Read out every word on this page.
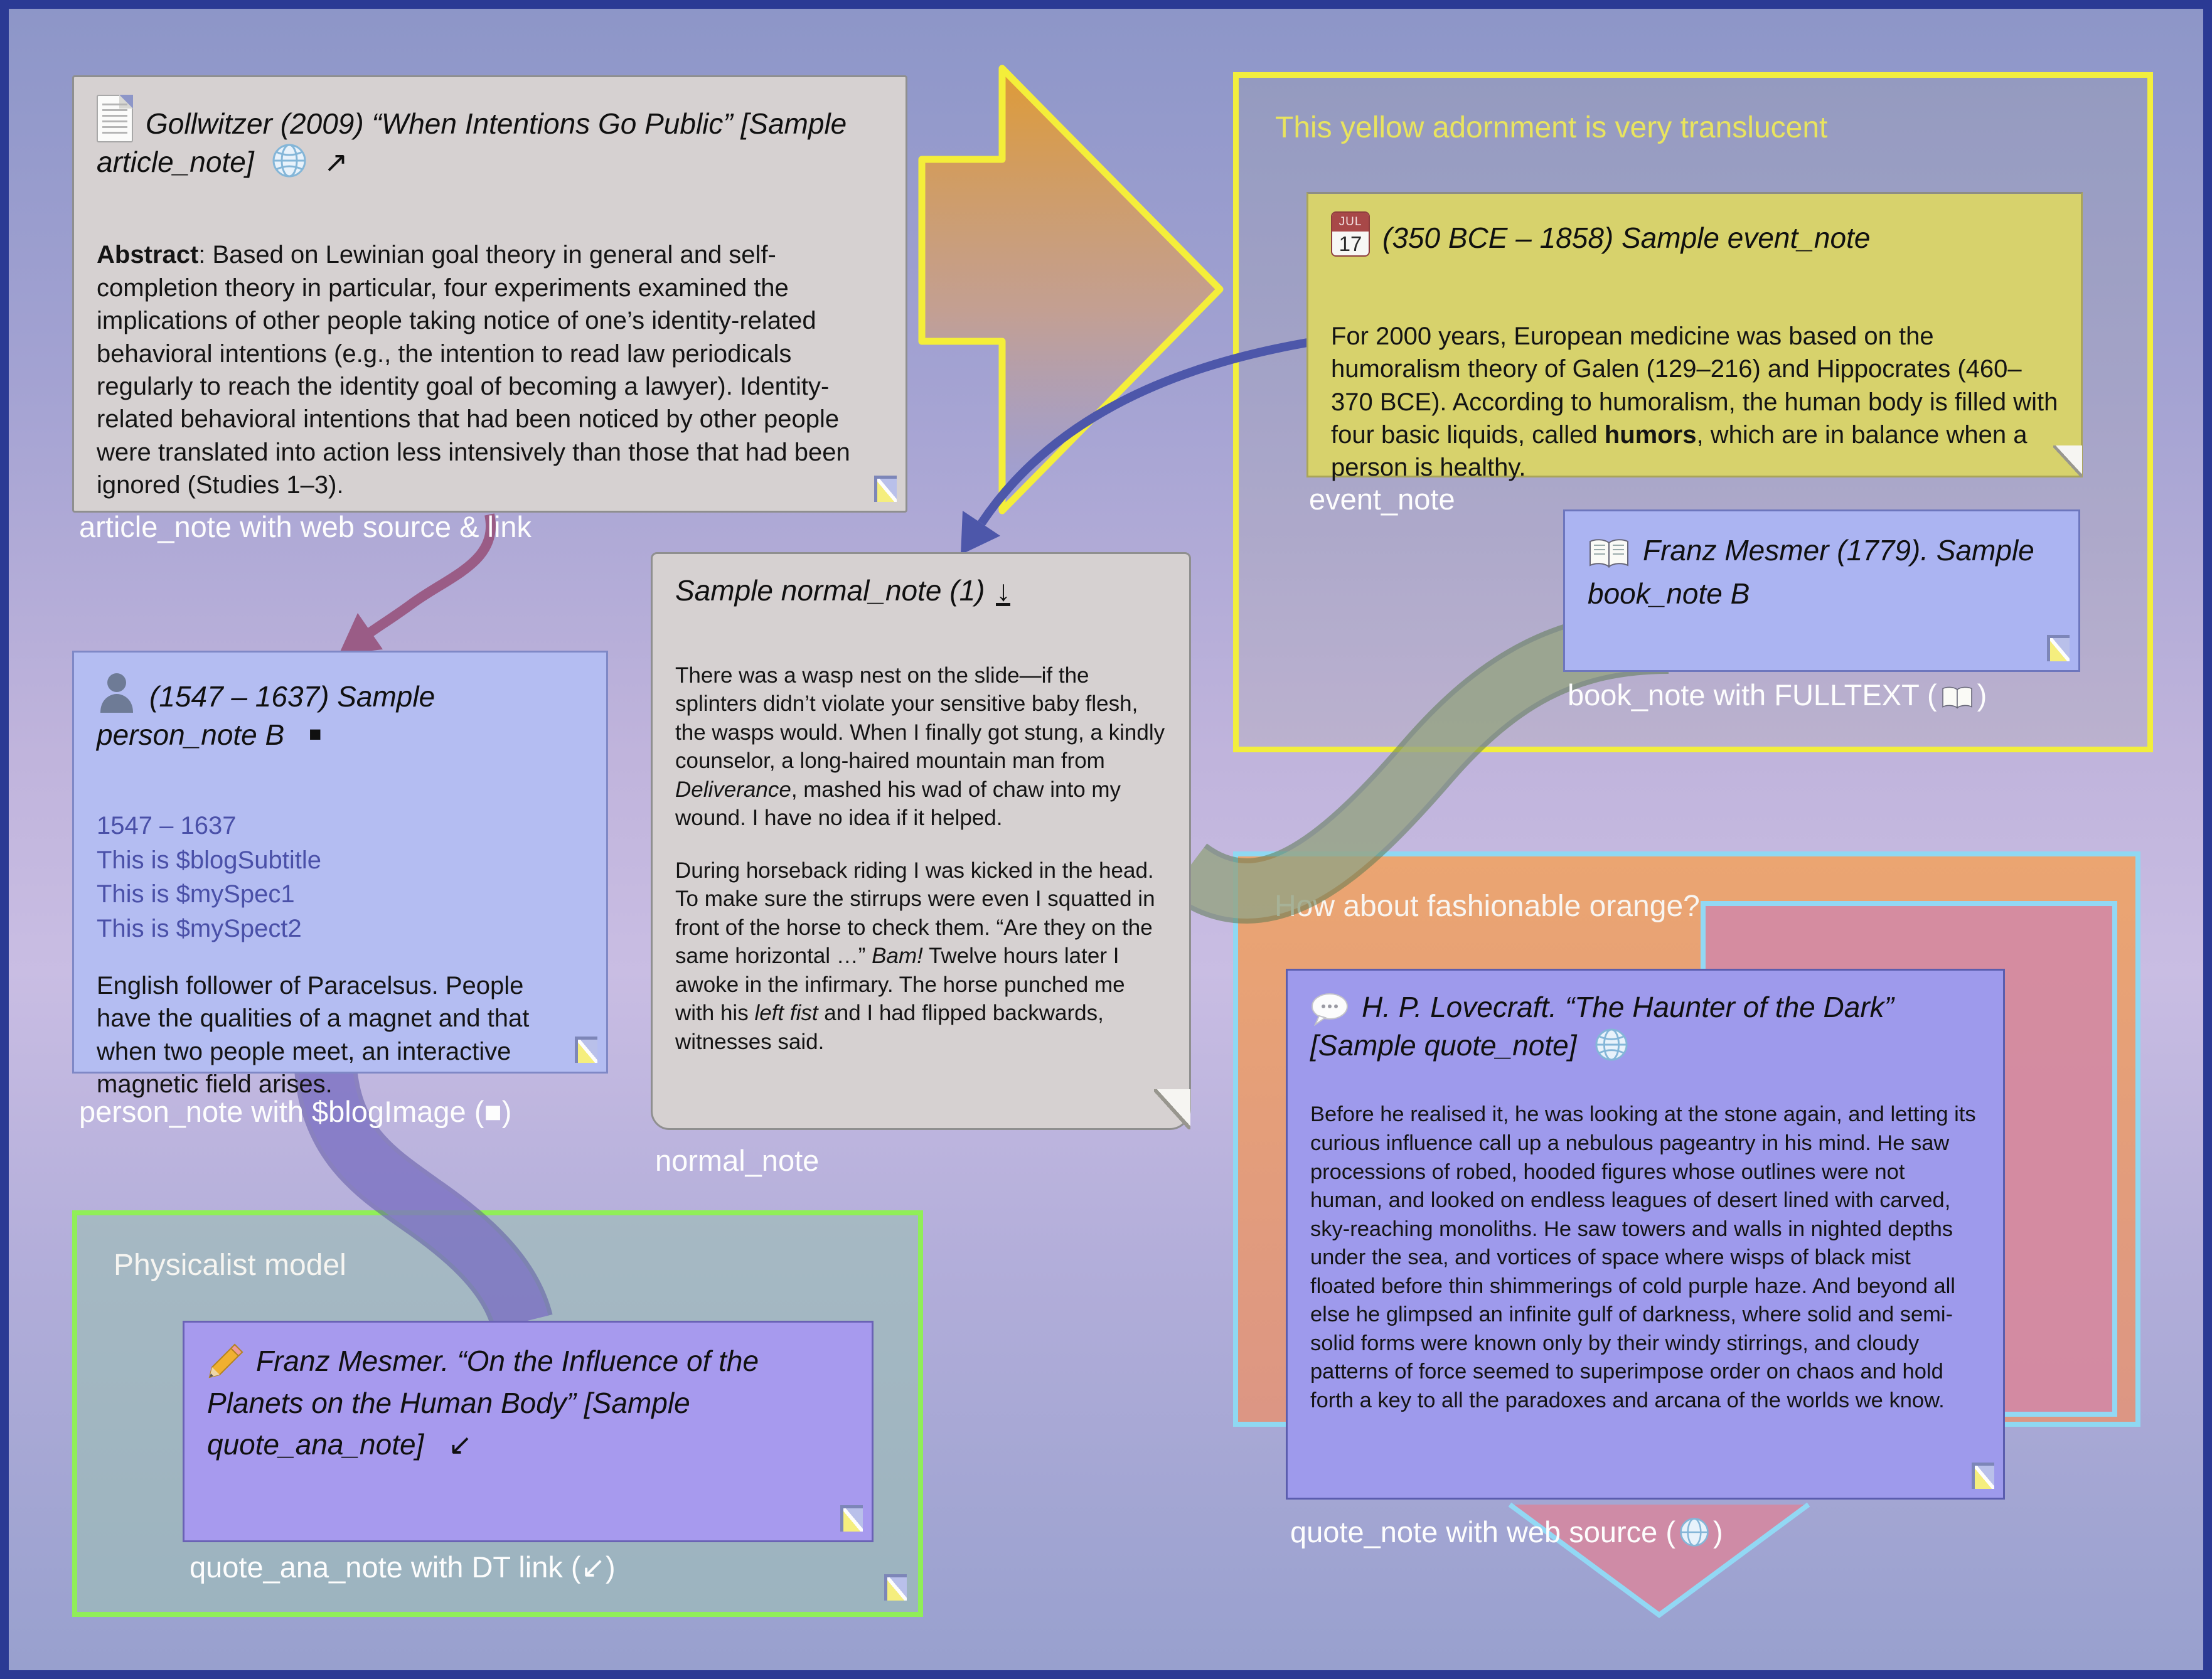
This yellow adornment is very translucent
How about fashionable orange?
Physicalist model
Gollwitzer (2009) “When Intentions Go Public” [Sample article_note] ↗
Abstract: Based on Lewinian goal theory in general and self-completion theory in particular, four experiments examined the implications of other people taking notice of one’s identity-related behavioral intentions (e.g., the intention to read law periodicals regularly to reach the identity goal of becoming a lawyer). Identity-related behavioral intentions that had been noticed by other people were translated into action less intensively than those that had been ignored (Studies 1–3).
Sample normal_note (1) ↓
There was a wasp nest on the slide—if the splinters didn’t violate your sensitive baby flesh, the wasps would. When I finally got stung, a kindly counselor, a long-haired mountain man from Deliverance, mashed his wad of chaw into my wound. I have no idea if it helped.
During horseback riding I was kicked in the head. To make sure the stirrups were even I squatted in front of the horse to check them. “Are they on the same horizontal …” Bam! Twelve hours later I awoke in the infirmary. The horse punched me with his left fist and I had flipped backwards, witnesses said.
(1547 – 1637) Sample person_note B ■
1547 – 1637
This is $blogSubtitle
This is $mySpec1
This is $mySpect2
English follower of Paracelsus. People have the qualities of a magnet and that when two people meet, an interactive magnetic field arises.
JUL
17 (350 BCE – 1858) Sample event_note
For 2000 years, European medicine was based on the humoralism theory of Galen (129–216) and Hippocrates (460–370 BCE). According to humoralism, the human body is filled with four basic liquids, called humors, which are in balance when a person is healthy.
Franz Mesmer (1779). Sample book_note B
H. P. Lovecraft. “The Haunter of the Dark” [Sample quote_note]
Before he realised it, he was looking at the stone again, and letting its curious influence call up a nebulous pageantry in his mind. He saw processions of robed, hooded figures whose outlines were not human, and looked on endless leagues of desert lined with carved, sky-reaching monoliths. He saw towers and walls in nighted depths under the sea, and vortices of space where wisps of black mist floated before thin shimmerings of cold purple haze. And beyond all else he glimpsed an infinite gulf of darkness, where solid and semi-solid forms were known only by their windy stirrings, and cloudy patterns of force seemed to superimpose order on chaos and hold forth a key to all the paradoxes and arcana of the worlds we know.
Franz Mesmer. “On the Influence of the Planets on the Human Body” [Sample quote_ana_note] ↙
article_note with web source & link
person_note with $blogImage (■)
quote_ana_note with DT link (↙)
normal_note
event_note
book_note with FULLTEXT ( )
quote_note with web source ( )
